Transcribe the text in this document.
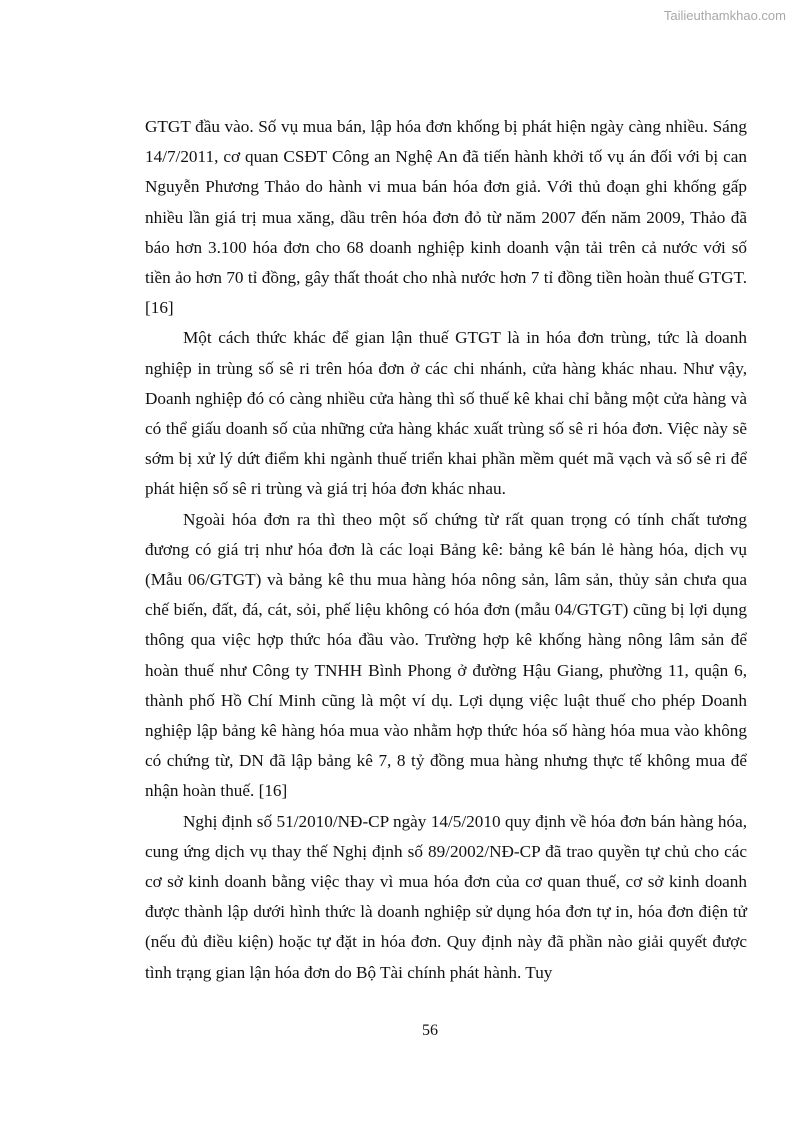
Tailieuthamkhao.com

GTGT đầu vào. Số vụ mua bán, lập hóa đơn khống bị phát hiện ngày càng nhiều. Sáng 14/7/2011, cơ quan CSĐT Công an Nghệ An đã tiến hành khởi tố vụ án đối với bị can Nguyễn Phương Thảo do hành vi mua bán hóa đơn giả. Với thủ đoạn ghi khống gấp nhiều lần giá trị mua xăng, dầu trên hóa đơn đỏ từ năm 2007 đến năm 2009, Thảo đã báo hơn 3.100 hóa đơn cho 68 doanh nghiệp kinh doanh vận tải trên cả nước với số tiền ảo hơn 70 tỉ đồng, gây thất thoát cho nhà nước hơn 7 tỉ đồng tiền hoàn thuế GTGT. [16]

Một cách thức khác để gian lận thuế GTGT là in hóa đơn trùng, tức là doanh nghiệp in trùng số sê ri trên hóa đơn ở các chi nhánh, cửa hàng khác nhau. Như vậy, Doanh nghiệp đó có càng nhiều cửa hàng thì số thuế kê khai chỉ bằng một cửa hàng và có thể giấu doanh số của những cửa hàng khác xuất trùng số sê ri hóa đơn. Việc này sẽ sớm bị xử lý dứt điểm khi ngành thuế triển khai phần mềm quét mã vạch và số sê ri để phát hiện số sê ri trùng và giá trị hóa đơn khác nhau.

Ngoài hóa đơn ra thì theo một số chứng từ rất quan trọng có tính chất tương đương có giá trị như hóa đơn là các loại Bảng kê: bảng kê bán lẻ hàng hóa, dịch vụ (Mẫu 06/GTGT) và bảng kê thu mua hàng hóa nông sản, lâm sản, thủy sản chưa qua chế biến, đất, đá, cát, sỏi, phế liệu không có hóa đơn (mẫu 04/GTGT) cũng bị lợi dụng thông qua việc hợp thức hóa đầu vào. Trường hợp kê khống hàng nông lâm sản để hoàn thuế như Công ty TNHH Bình Phong ở đường Hậu Giang, phường 11, quận 6, thành phố Hồ Chí Minh cũng là một ví dụ. Lợi dụng việc luật thuế cho phép Doanh nghiệp lập bảng kê hàng hóa mua vào nhằm hợp thức hóa số hàng hóa mua vào không có chứng từ, DN đã lập bảng kê 7, 8 tỷ đồng mua hàng nhưng thực tế không mua để nhận hoàn thuế. [16]

Nghị định số 51/2010/NĐ-CP ngày 14/5/2010 quy định về hóa đơn bán hàng hóa, cung ứng dịch vụ thay thế Nghị định số 89/2002/NĐ-CP đã trao quyền tự chủ cho các cơ sở kinh doanh bằng việc thay vì mua hóa đơn của cơ quan thuế, cơ sở kinh doanh được thành lập dưới hình thức là doanh nghiệp sử dụng hóa đơn tự in, hóa đơn điện tử (nếu đủ điều kiện) hoặc tự đặt in hóa đơn. Quy định này đã phần nào giải quyết được tình trạng gian lận hóa đơn do Bộ Tài chính phát hành. Tuy

56
